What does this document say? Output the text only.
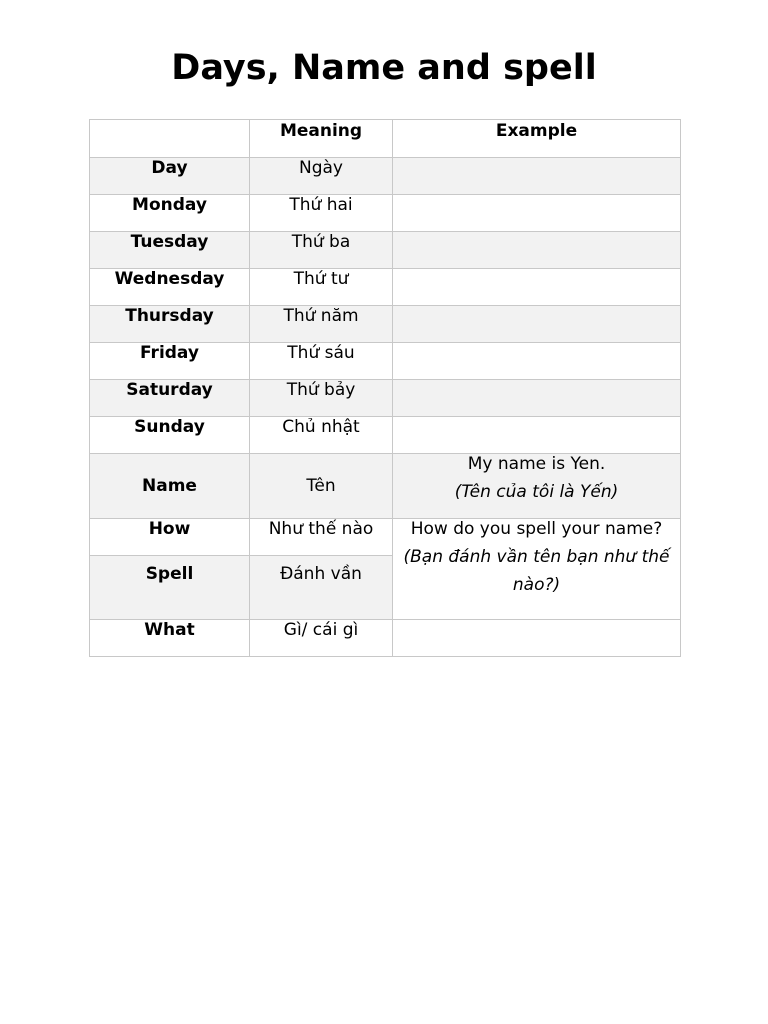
Days, Name and spell
	Meaning	Example
Day	Ngày	
Monday	Thứ hai	
Tuesday	Thứ ba	
Wednesday	Thứ tư	
Thursday	Thứ năm	
Friday	Thứ sáu	
Saturday	Thứ bảy	
Sunday	Chủ nhật	
Name	Tên	My name is Yen.
(Tên của tôi là Yến)

How	Như thế nào	How do you spell your name?
(Bạn đánh vần tên bạn như thế nào?)

Spell	Đánh vần	
What	Gì/ cái gì	
